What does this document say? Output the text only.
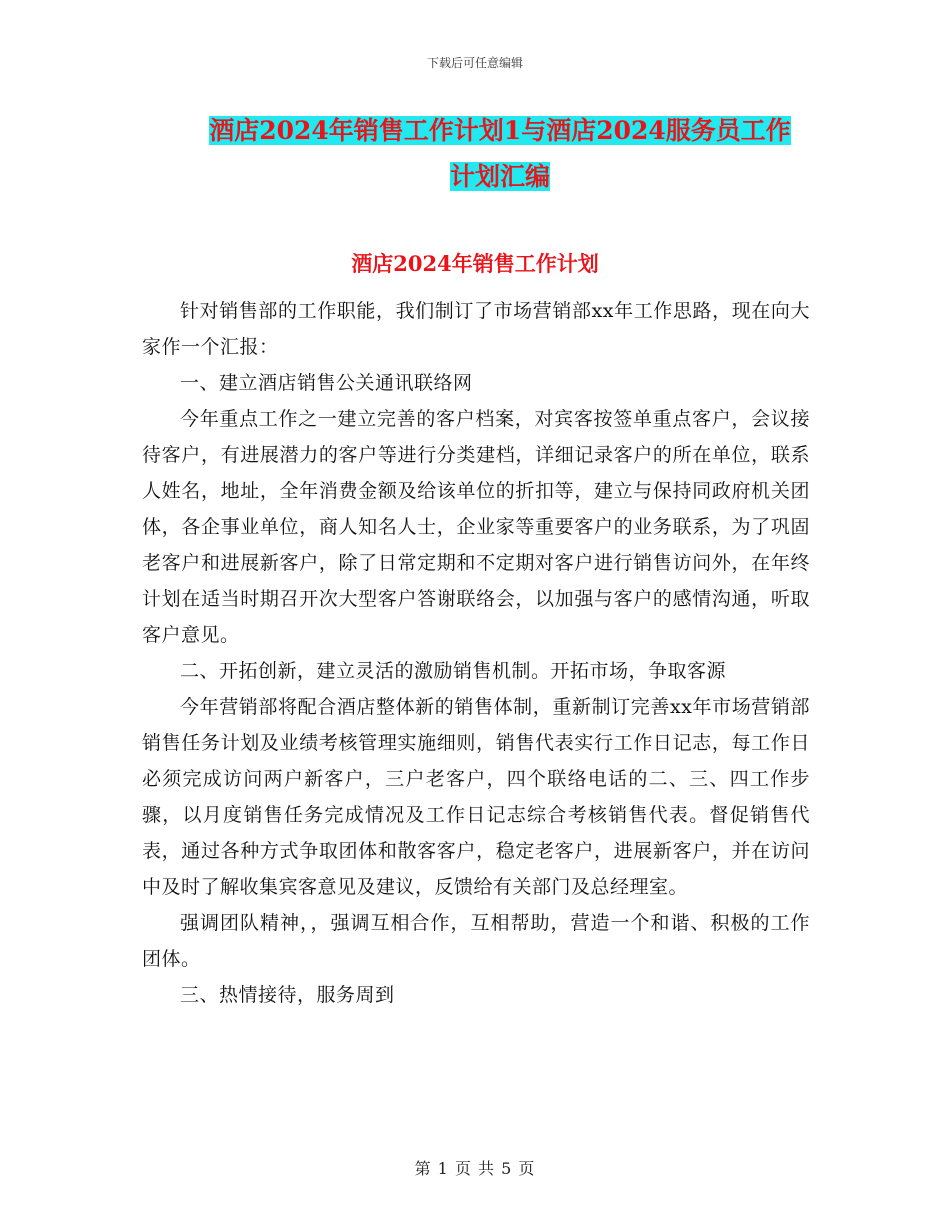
下载后可任意编辑
酒店2024年销售工作计划1与酒店2024服务员工作
计划汇编
酒店2024年销售工作计划

针对销售部的工作职能，我们制订了市场营销部xx年工作思路，现在向大家作一个汇报：

一、建立酒店销售公关通讯联络网

今年重点工作之一建立完善的客户档案，对宾客按签单重点客户，会议接待客户，有进展潜力的客户等进行分类建档，详细记录客户的所在单位，联系人姓名，地址，全年消费金额及给该单位的折扣等，建立与保持同政府机关团体，各企事业单位，商人知名人士，企业家等重要客户的业务联系，为了巩固老客户和进展新客户，除了日常定期和不定期对客户进行销售访问外，在年终计划在适当时期召开次大型客户答谢联络会，以加强与客户的感情沟通，听取客户意见。

二、开拓创新，建立灵活的激励销售机制。开拓市场，争取客源

今年营销部将配合酒店整体新的销售体制，重新制订完善xx年市场营销部销售任务计划及业绩考核管理实施细则，销售代表实行工作日记志，每工作日必须完成访问两户新客户，三户老客户，四个联络电话的二、三、四工作步骤，以月度销售任务完成情况及工作日记志综合考核销售代表。督促销售代表，通过各种方式争取团体和散客客户，稳定老客户，进展新客户，并在访问中及时了解收集宾客意见及建议，反馈给有关部门及总经理室。

强调团队精神，，强调互相合作，互相帮助，营造一个和谐、积极的工作团体。

三、热情接待，服务周到

第 1 页 共 5 页
